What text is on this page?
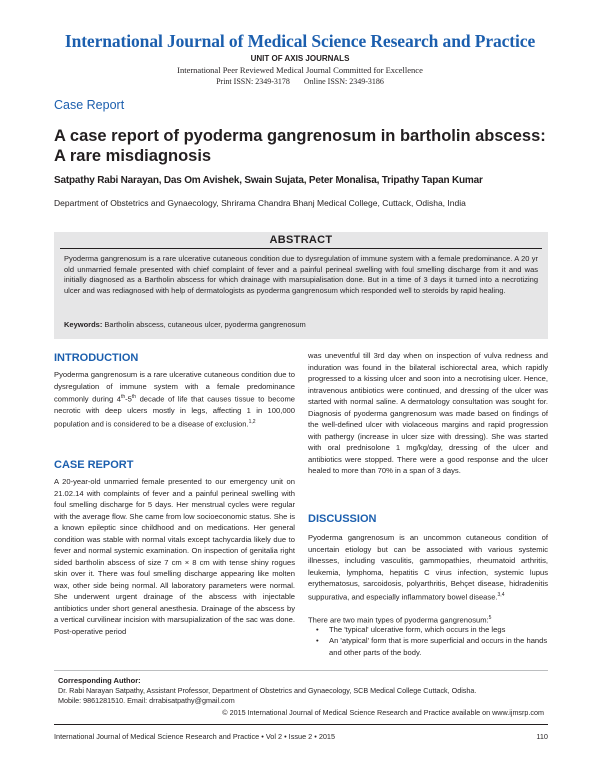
International Journal of Medical Science Research and Practice
UNIT OF AXIS JOURNALS
International Peer Reviewed Medical Journal Committed for Excellence
Print ISSN: 2349-3178 Online ISSN: 2349-3186
Case Report
A case report of pyoderma gangrenosum in bartholin abscess: A rare misdiagnosis
Satpathy Rabi Narayan, Das Om Avishek, Swain Sujata, Peter Monalisa, Tripathy Tapan Kumar
Department of Obstetrics and Gynaecology, Shrirama Chandra Bhanj Medical College, Cuttack, Odisha, India
ABSTRACT
Pyoderma gangrenosum is a rare ulcerative cutaneous condition due to dysregulation of immune system with a female predominance. A 20 yr old unmarried female presented with chief complaint of fever and a painful perineal swelling with foul smelling discharge from it and was initially diagnosed as a Bartholin abscess for which drainage with marsupialisation done. But in a time of 3 days it turned into a necrotizing ulcer and was rediagnosed with help of dermatologists as pyoderma gangrenosum which responded well to steroids by rapid healing.
Keywords: Bartholin abscess, cutaneous ulcer, pyoderma gangrenosum
INTRODUCTION
Pyoderma gangrenosum is a rare ulcerative cutaneous condition due to dysregulation of immune system with a female predominance commonly during 4th-5th decade of life that causes tissue to become necrotic with deep ulcers mostly in legs, affecting 1 in 100,000 population and is considered to be a disease of exclusion.$^{1,2}$
CASE REPORT
A 20-year-old unmarried female presented to our emergency unit on 21.02.14 with complaints of fever and a painful perineal swelling with foul smelling discharge for 5 days. Her menstrual cycles were regular with the average flow. She came from low socioeconomic status. She is a known epileptic since childhood and on medications. Her general condition was stable with normal vitals except tachycardia likely due to fever and normal systemic examination. On inspection of genitalia right sided bartholin abscess of size 7 cm × 8 cm with tense shiny rogues skin over it. There was foul smelling discharge appearing like molten wax, other side being normal. All laboratory parameters were normal. She underwent urgent drainage of the abscess with injectable antibiotics under short general anesthesia. Drainage of the abscess by a vertical curvilinear incision with marsupialization of the sac was done. Post-operative period
was uneventful till 3rd day when on inspection of vulva redness and induration was found in the bilateral ischiorectal area, which rapidly progressed to a kissing ulcer and soon into a necrotising ulcer. Hence, intravenous antibiotics were continued, and dressing of the ulcer was started with normal saline. A dermatology consultation was sought for. Diagnosis of pyoderma gangrenosum was made based on findings of the well-defined ulcer with violaceous margins and rapid progression with pathergy (increase in ulcer size with dressing). She was started with oral prednisolone 1 mg/kg/day, dressing of the ulcer and antibiotics were stopped. There were a good response and the ulcer healed to more than 70% in a span of 3 days.
DISCUSSION
Pyoderma gangrenosum is an uncommon cutaneous condition of uncertain etiology but can be associated with various systemic illnesses, including vasculitis, gammopathies, rheumatoid arthritis, leukemia, lymphoma, hepatitis C virus infection, systemic lupus erythematosus, sarcoidosis, polyarthritis, Behçet disease, hidradenitis suppurativa, and especially inflammatory bowel disease.$^{3,4}$
There are two main types of pyoderma gangrenosum:$^5$
• The 'typical' ulcerative form, which occurs in the legs
• An 'atypical' form that is more superficial and occurs in the hands and other parts of the body.
Corresponding Author:
Dr. Rabi Narayan Satpathy, Assistant Professor, Department of Obstetrics and Gynaecology, SCB Medical College Cuttack, Odisha.
Mobile: 9861281510. Email: drrabisatpathy@gmail.com
© 2015 International Journal of Medical Science Research and Practice available on www.ijmsrp.com
International Journal of Medical Science Research and Practice • Vol 2 • Issue 2 • 2015	110
